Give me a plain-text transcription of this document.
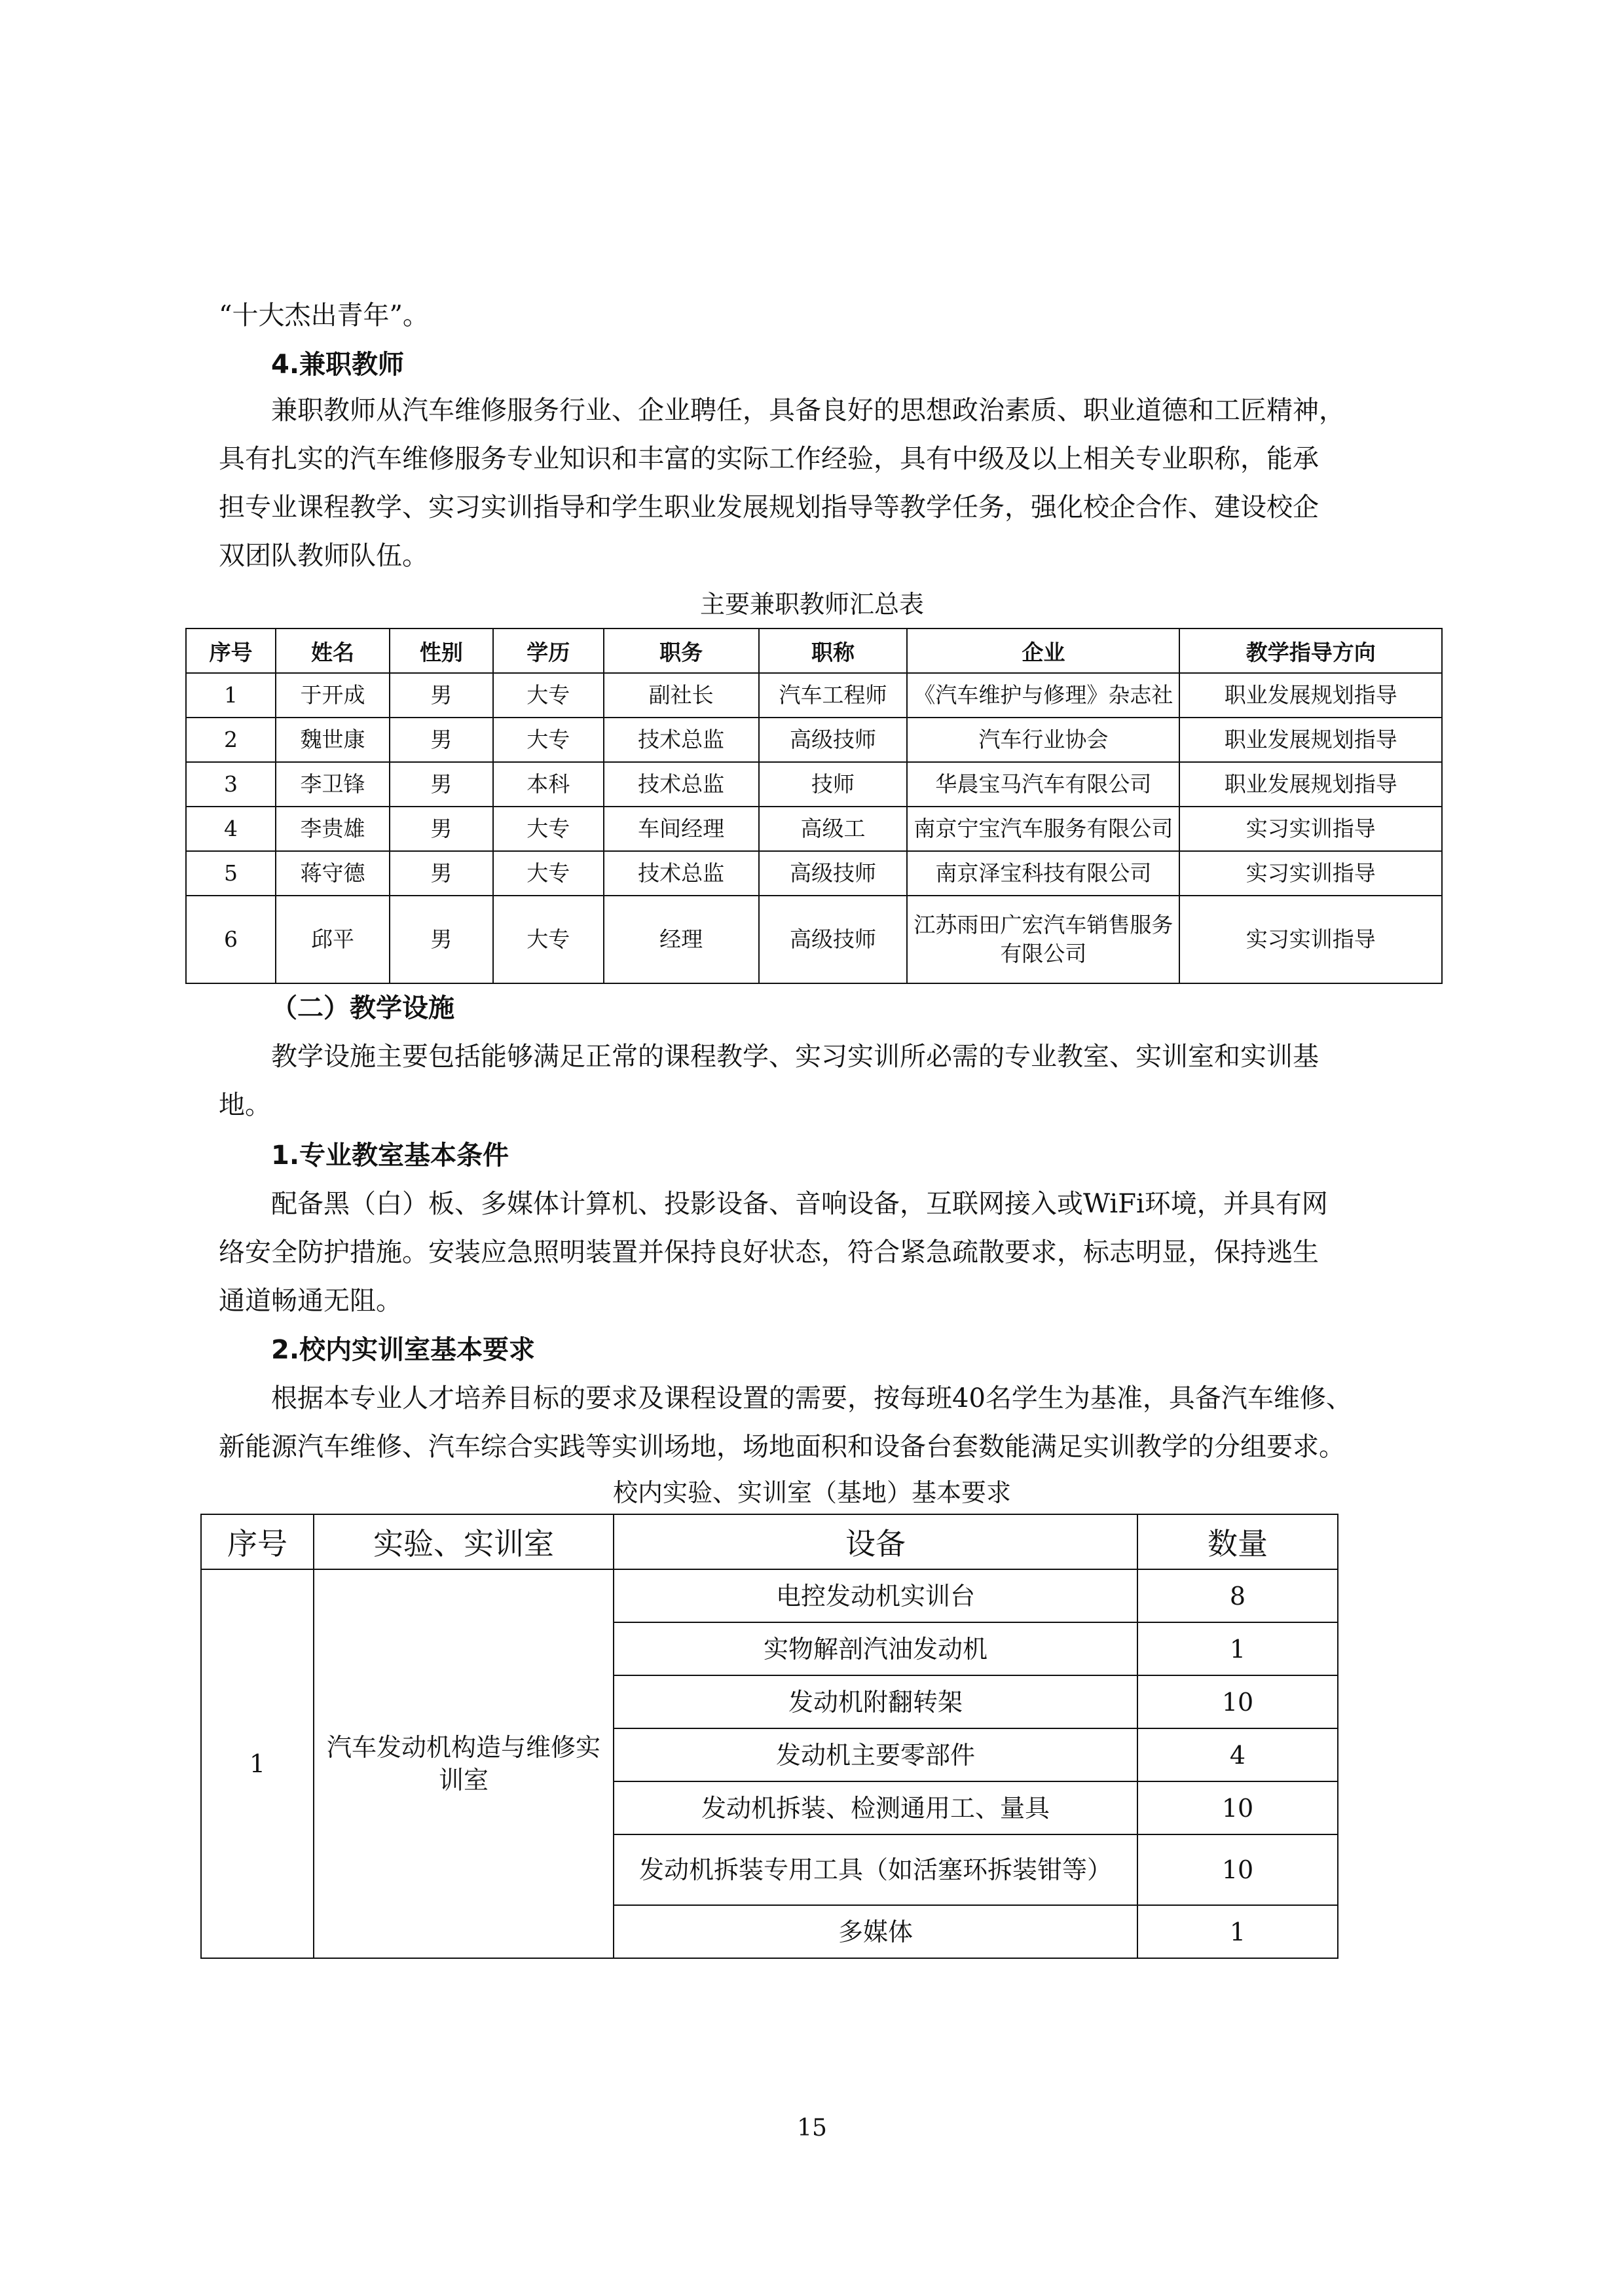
“十大杰出青年”。

4.兼职教师

兼职教师从汽车维修服务行业、企业聘任，具备良好的思想政治素质、职业道德和工匠精神，
具有扎实的汽车维修服务专业知识和丰富的实际工作经验，具有中级及以上相关专业职称，能承
担专业课程教学、实习实训指导和学生职业发展规划指导等教学任务，强化校企合作、建设校企
双团队教师队伍。
主要兼职教师汇总表
序号	姓名	性别	学历	职务	职称	企业	教学指导方向
1	于开成	男	大专	副社长	汽车工程师	《汽车维护与修理》杂志社	职业发展规划指导
2	魏世康	男	大专	技术总监	高级技师	汽车行业协会	职业发展规划指导
3	李卫锋	男	本科	技术总监	技师	华晨宝马汽车有限公司	职业发展规划指导
4	李贵雄	男	大专	车间经理	高级工	南京宁宝汽车服务有限公司	实习实训指导
5	蒋守德	男	大专	技术总监	高级技师	南京泽宝科技有限公司	实习实训指导
6	邱平	男	大专	经理	高级技师	江苏雨田广宏汽车销售服务有限公司	实习实训指导

（二）教学设施

教学设施主要包括能够满足正常的课程教学、实习实训所必需的专业教室、实训室和实训基
地。

1.专业教室基本条件

配备黑（白）板、多媒体计算机、投影设备、音响设备，互联网接入或WiFi环境，并具有网
络安全防护措施。安装应急照明装置并保持良好状态，符合紧急疏散要求，标志明显，保持逃生
通道畅通无阻。

2.校内实训室基本要求

根据本专业人才培养目标的要求及课程设置的需要，按每班40名学生为基准，具备汽车维修、
新能源汽车维修、汽车综合实践等实训场地，场地面积和设备台套数能满足实训教学的分组要求。
校内实验、实训室（基地）基本要求
序号	实验、实训室	设备	数量
1	汽车发动机构造与维修实训室	电控发动机实训台	8
		实物解剖汽油发动机	1
		发动机附翻转架	10
		发动机主要零部件	4
		发动机拆装、检测通用工、量具	10
		发动机拆装专用工具（如活塞环拆装钳等）	10
		多媒体	1
15
